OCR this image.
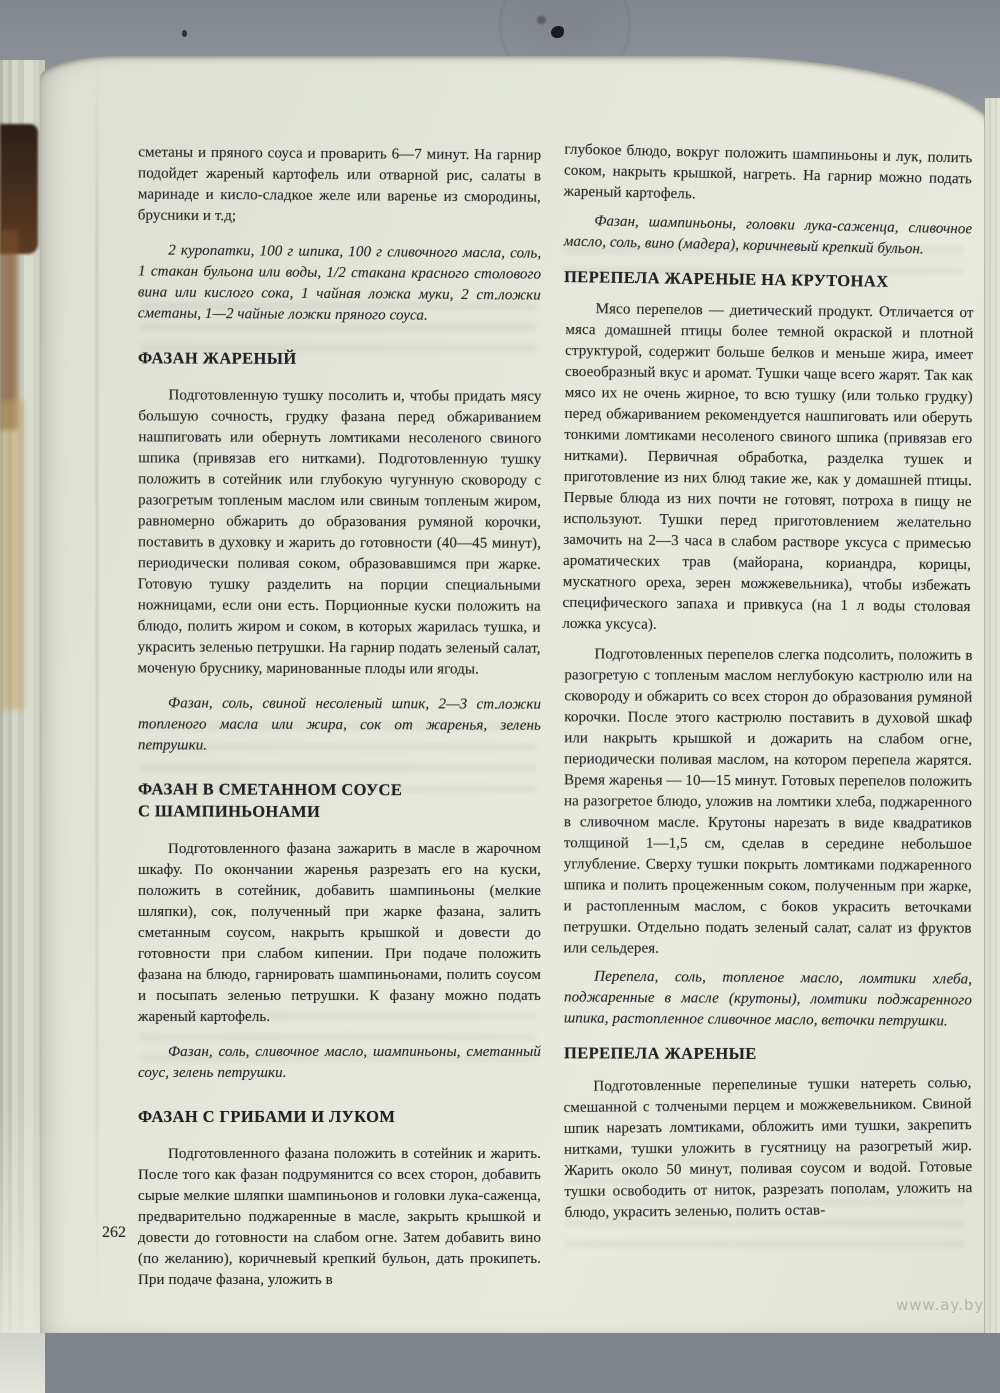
сметаны и пряного соуса и проварить 6—7 минут. На гарнир подойдет жареный картофель или отварной рис, салаты в маринаде и кисло-сладкое желе или варенье из смородины, брусники и т.д;

2 куропатки, 100 г шпика, 100 г сливочного масла, соль, 1 стакан бульона или воды, 1/2 стакана красного столового вина или кислого сока, 1 чайная ложка муки, 2 ст.ложки сметаны, 1—2 чайные ложки пряного соуса.

ФАЗАН ЖАРЕНЫЙ

Подготовленную тушку посолить и, чтобы придать мясу большую сочность, грудку фазана перед обжариванием нашпиговать или обернуть ломтиками несоленого свиного шпика (привязав его нитками). Подготовленную тушку положить в сотейник или глубокую чугунную сковороду с разогретым топленым маслом или свиным топленым жиром, равномерно обжарить до образования румяной корочки, поставить в духовку и жарить до готовности (40—45 минут), периодически поливая соком, образовавшимся при жарке. Готовую тушку разделить на порции специальными ножницами, если они есть. Порционные куски положить на блюдо, полить жиром и соком, в которых жарилась тушка, и украсить зеленью петрушки. На гарнир подать зеленый салат, моченую бруснику, маринованные плоды или ягоды.

Фазан, соль, свиной несоленый шпик, 2—3 ст.ложки топленого масла или жира, сок от жаренья, зелень петрушки.

ФАЗАН В СМЕТАННОМ СОУСЕ
С ШАМПИНЬОНАМИ

Подготовленного фазана зажарить в масле в жарочном шкафу. По окончании жаренья разрезать его на куски, положить в сотейник, добавить шампиньоны (мелкие шляпки), сок, полученный при жарке фазана, залить сметанным соусом, накрыть крышкой и довести до готовности при слабом кипении. При подаче положить фазана на блюдо, гарнировать шампиньонами, полить соусом и посыпать зеленью петрушки. К фазану можно подать жареный картофель.

Фазан, соль, сливочное масло, шампиньоны, сметанный соус, зелень петрушки.

ФАЗАН С ГРИБАМИ И ЛУКОМ

Подготовленного фазана положить в сотейник и жарить. После того как фазан подрумянится со всех сторон, добавить сырые мелкие шляпки шампиньонов и головки лука-саженца, предварительно поджаренные в масле, закрыть крышкой и довести до готовности на слабом огне. Затем добавить вино (по желанию), коричневый крепкий бульон, дать прокипеть. При подаче фазана, уложить в

глубокое блюдо, вокруг положить шампиньоны и лук, полить соком, накрыть крышкой, нагреть. На гарнир можно подать жареный картофель.

Фазан, шампиньоны, головки лука-саженца, сливочное масло, соль, вино (мадера), коричневый крепкий бульон.

ПЕРЕПЕЛА ЖАРЕНЫЕ НА КРУТОНАХ

Мясо перепелов — диетический продукт. Отличается от мяса домашней птицы более темной окраской и плотной структурой, содержит больше белков и меньше жира, имеет своеобразный вкус и аромат. Тушки чаще всего жарят. Так как мясо их не очень жирное, то всю тушку (или только грудку) перед обжариванием рекомендуется нашпиговать или оберуть тонкими ломтиками несоленого свиного шпика (привязав его нитками). Первичная обработка, разделка тушек и приготовление из них блюд такие же, как у домашней птицы. Первые блюда из них почти не готовят, потроха в пищу не используют. Тушки перед приготовлением желательно замочить на 2—3 часа в слабом растворе уксуса с примесью ароматических трав (майорана, кориандра, корицы, мускатного ореха, зерен можжевельника), чтобы избежать специфического запаха и привкуса (на 1 л воды столовая ложка уксуса).

Подготовленных перепелов слегка подсолить, положить в разогретую с топленым маслом неглубокую кастрюлю или на сковороду и обжарить со всех сторон до образования румяной корочки. После этого кастрюлю поставить в духовой шкаф или накрыть крышкой и дожарить на слабом огне, периодически поливая маслом, на котором перепела жарятся. Время жаренья — 10—15 минут. Готовых перепелов положить на разогретое блюдо, уложив на ломтики хлеба, поджаренного в сливочном масле. Крутоны нарезать в виде квадратиков толщиной 1—1,5 см, сделав в середине небольшое углубление. Сверху тушки покрыть ломтиками поджаренного шпика и полить процеженным соком, полученным при жарке, и растопленным маслом, с боков украсить веточками петрушки. Отдельно подать зеленый салат, салат из фруктов или сельдерея.

Перепела, соль, топленое масло, ломтики хлеба, поджаренные в масле (крутоны), ломтики поджаренного шпика, растопленное сливочное масло, веточки петрушки.

ПЕРЕПЕЛА ЖАРЕНЫЕ

Подготовленные перепелиные тушки натереть солью, смешанной с толчеными перцем и можжевельником. Свиной шпик нарезать ломтиками, обложить ими тушки, закрепить нитками, тушки уложить в гусятницу на разогретый жир. Жарить около 50 минут, поливая соусом и водой. Готовые тушки освободить от ниток, разрезать пополам, уложить на блюдо, украсить зеленью, полить остав-

262
www.ay.by
